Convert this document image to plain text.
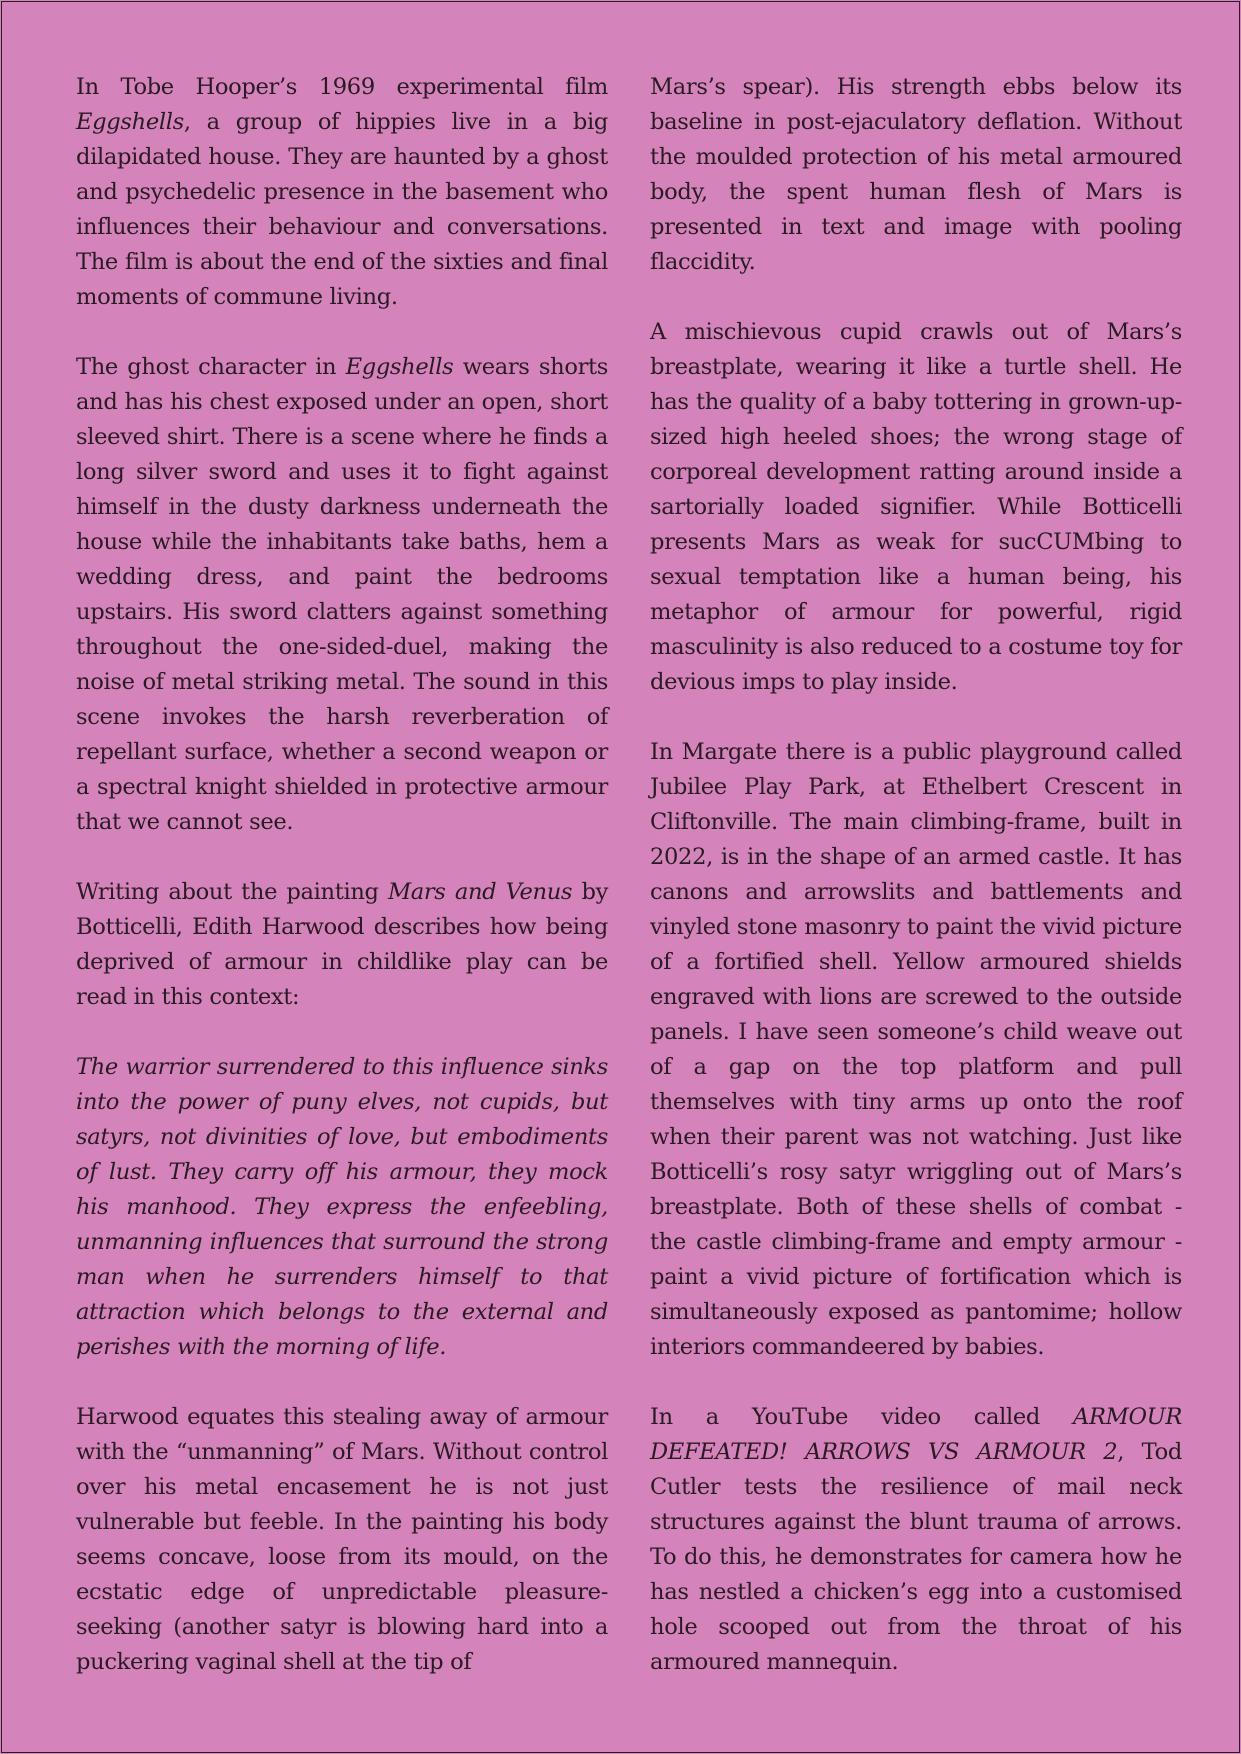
In Tobe Hooper’s 1969 experimental film Eggshells, a group of hippies live in a big dilapidated house. They are haunted by a ghost and psychedelic presence in the basement who influences their behaviour and conversations. The film is about the end of the sixties and final moments of commune living.

The ghost character in Eggshells wears shorts and has his chest exposed under an open, short sleeved shirt. There is a scene where he finds a long silver sword and uses it to fight against himself in the dusty darkness underneath the house while the inhabitants take baths, hem a wedding dress, and paint the bedrooms upstairs. His sword clatters against something throughout the one-sided-duel, making the noise of metal striking metal. The sound in this scene invokes the harsh reverberation of repellant surface, whether a second weapon or a spectral knight shielded in protective armour that we cannot see.

Writing about the painting Mars and Venus by Botticelli, Edith Harwood describes how being deprived of armour in childlike play can be read in this context:

The warrior surrendered to this influence sinks into the power of puny elves, not cupids, but satyrs, not divinities of love, but embodiments of lust. They carry off his armour, they mock his manhood. They express the enfeebling, unmanning influences that surround the strong man when he surrenders himself to that attraction which belongs to the external and perishes with the morning of life.

Harwood equates this stealing away of armour with the “unmanning” of Mars. Without control over his metal encasement he is not just vulnerable but feeble. In the painting his body seems concave, loose from its mould, on the ecstatic edge of unpredictable pleasure-seeking (another satyr is blowing hard into a puckering vaginal shell at the tip of

Mars’s spear). His strength ebbs below its baseline in post-ejaculatory deflation. Without the moulded protection of his metal armoured body, the spent human flesh of Mars is presented in text and image with pooling flaccidity.

A mischievous cupid crawls out of Mars’s breastplate, wearing it like a turtle shell. He has the quality of a baby tottering in grown-up-sized high heeled shoes; the wrong stage of corporeal development ratting around inside a sartorially loaded signifier. While Botticelli presents Mars as weak for sucCUMbing to sexual temptation like a human being, his metaphor of armour for powerful, rigid masculinity is also reduced to a costume toy for devious imps to play inside.

In Margate there is a public playground called Jubilee Play Park, at Ethelbert Crescent in Cliftonville. The main climbing-frame, built in 2022, is in the shape of an armed castle. It has canons and arrowslits and battlements and vinyled stone masonry to paint the vivid picture of a fortified shell. Yellow armoured shields engraved with lions are screwed to the outside panels. I have seen someone’s child weave out of a gap on the top platform and pull themselves with tiny arms up onto the roof when their parent was not watching. Just like Botticelli’s rosy satyr wriggling out of Mars’s breastplate. Both of these shells of combat - the castle climbing-frame and empty armour - paint a vivid picture of fortification which is simultaneously exposed as pantomime; hollow interiors commandeered by babies.

In a YouTube video called ARMOUR DEFEATED! ARROWS VS ARMOUR 2, Tod Cutler tests the resilience of mail neck structures against the blunt trauma of arrows. To do this, he demonstrates for camera how he has nestled a chicken’s egg into a customised hole scooped out from the throat of his armoured mannequin.
